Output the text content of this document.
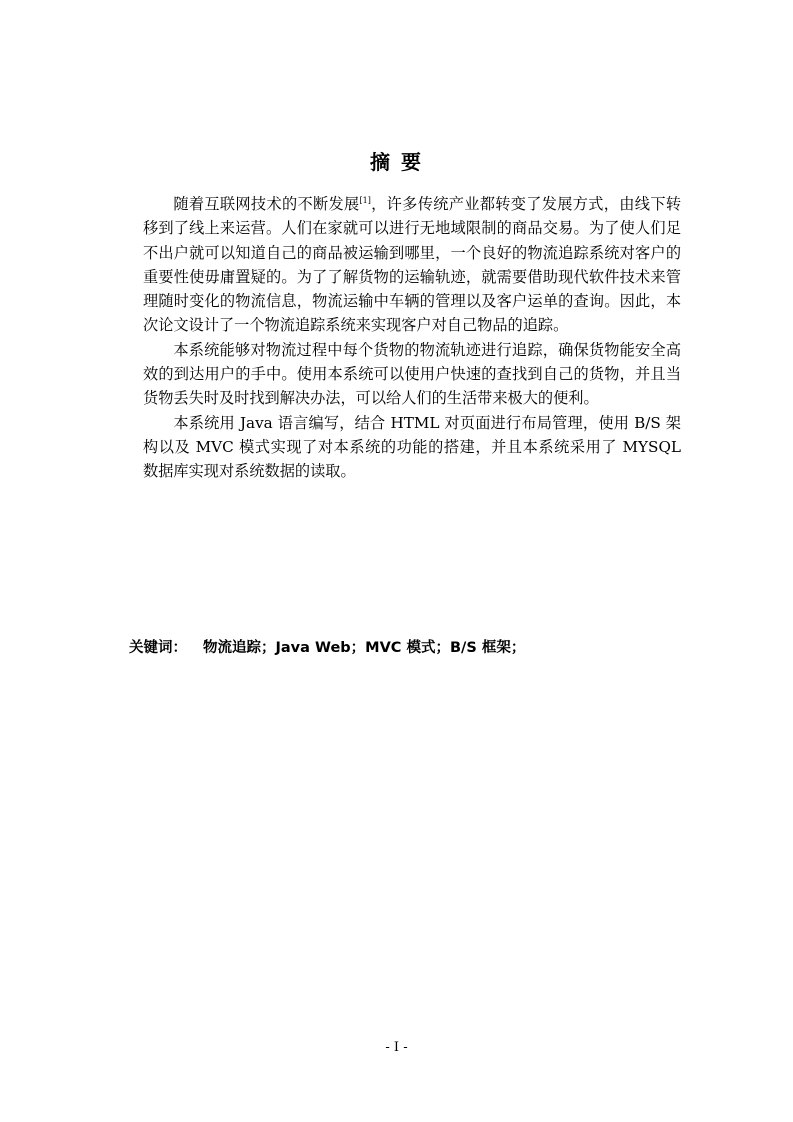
摘 要

随着互联网技术的不断发展[1]，许多传统产业都转变了发展方式，由线下转移到了线上来运营。人们在家就可以进行无地域限制的商品交易。为了使人们足不出户就可以知道自己的商品被运输到哪里，一个良好的物流追踪系统对客户的重要性使毋庸置疑的。为了了解货物的运输轨迹，就需要借助现代软件技术来管理随时变化的物流信息，物流运输中车辆的管理以及客户运单的查询。因此，本次论文设计了一个物流追踪系统来实现客户对自己物品的追踪。

本系统能够对物流过程中每个货物的物流轨迹进行追踪，确保货物能安全高效的到达用户的手中。使用本系统可以使用户快速的查找到自己的货物，并且当货物丢失时及时找到解决办法，可以给人们的生活带来极大的便利。

本系统用 Java 语言编写，结合 HTML 对页面进行布局管理，使用 B/S 架构以及 MVC 模式实现了对本系统的功能的搭建，并且本系统采用了 MYSQL 数据库实现对系统数据的读取。

关键词： 物流追踪；Java Web；MVC 模式；B/S 框架；

- I -
